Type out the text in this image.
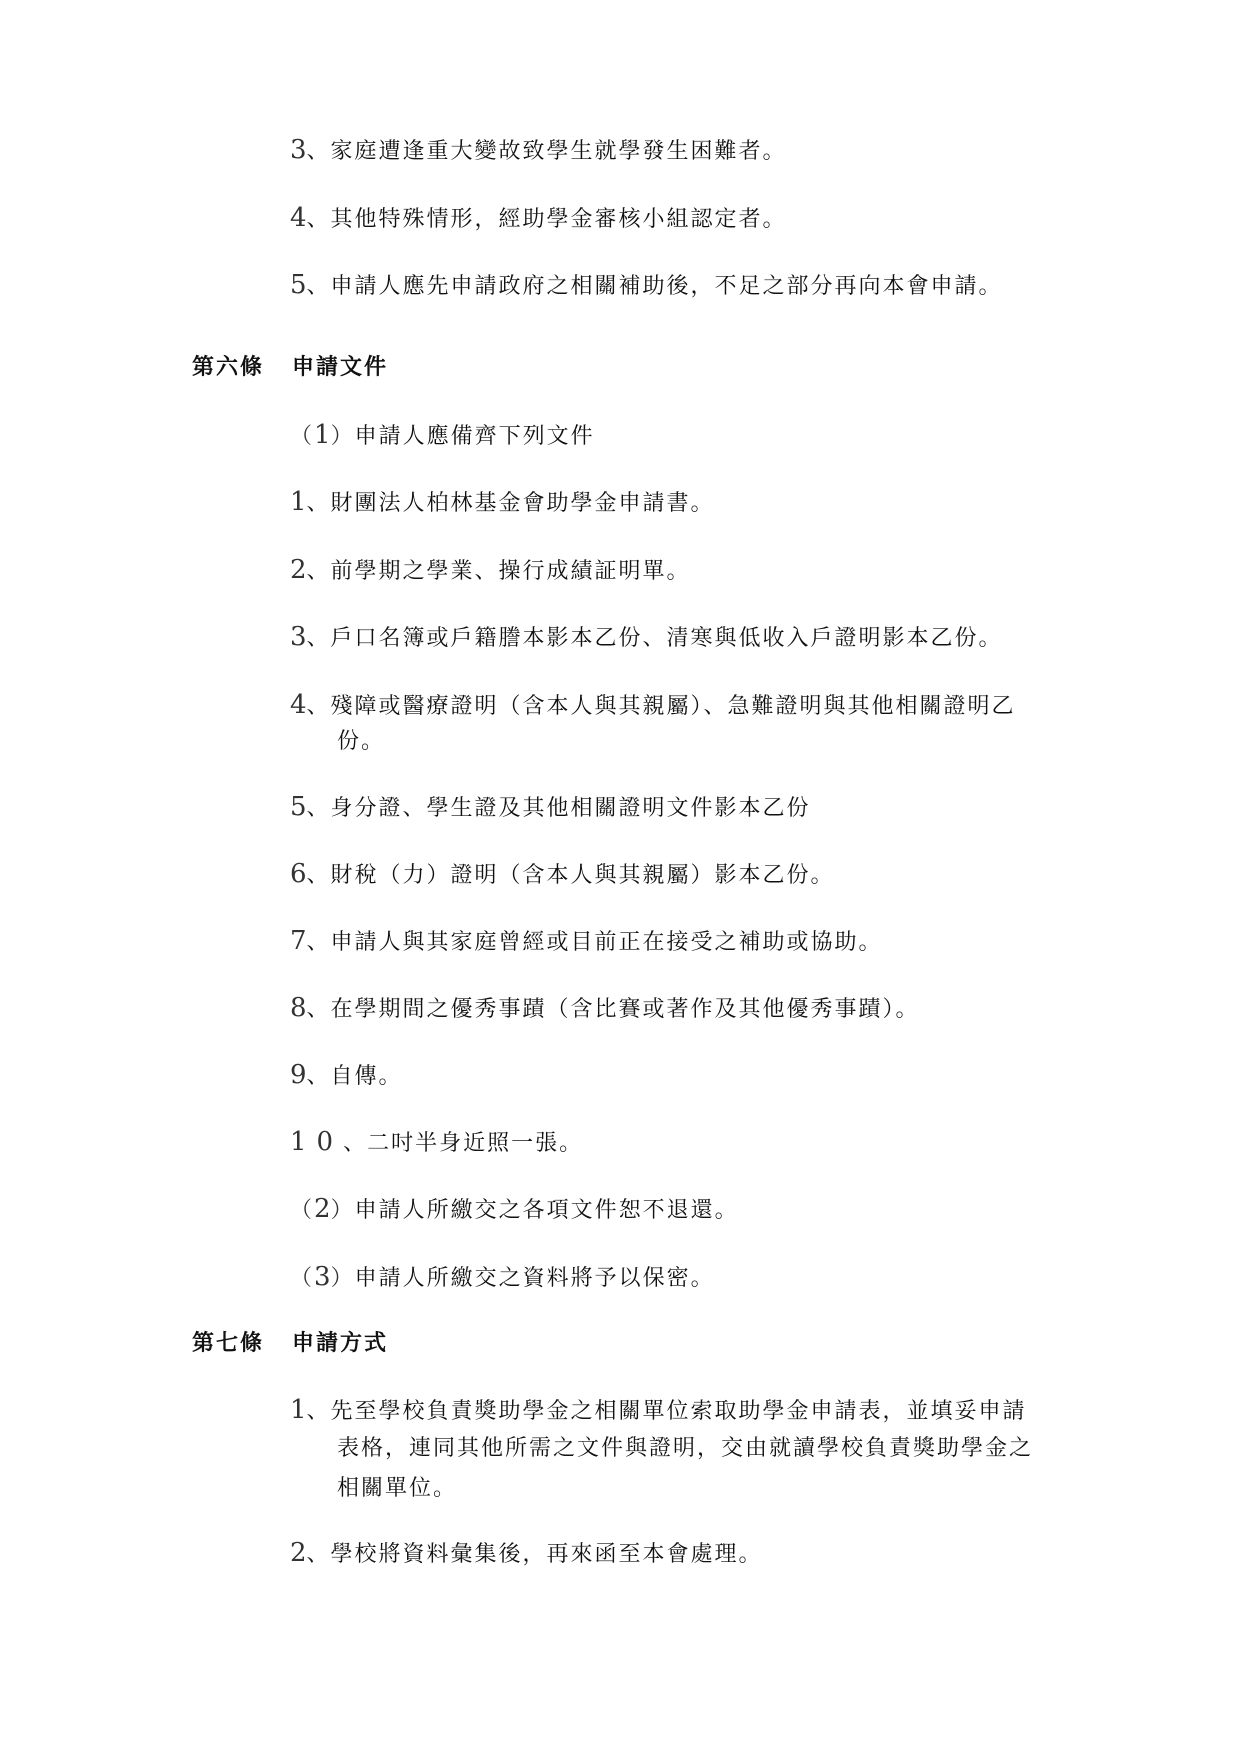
3、家庭遭逢重大變故致學生就學發生困難者。
4、其他特殊情形，經助學金審核小組認定者。
5、申請人應先申請政府之相關補助後，不足之部分再向本會申請。
第六條 申請文件
（1）申請人應備齊下列文件
1、財團法人柏林基金會助學金申請書。
2、前學期之學業、操行成績証明單。
3、戶口名簿或戶籍謄本影本乙份、清寒與低收入戶證明影本乙份。
4、殘障或醫療證明（含本人與其親屬）、急難證明與其他相關證明乙
份。
5、身分證、學生證及其他相關證明文件影本乙份
6、財稅（力）證明（含本人與其親屬）影本乙份。
7、申請人與其家庭曾經或目前正在接受之補助或協助。
8、在學期間之優秀事蹟（含比賽或著作及其他優秀事蹟）。
9、自傳。
10、二吋半身近照一張。
（2）申請人所繳交之各項文件恕不退還。
（3）申請人所繳交之資料將予以保密。
第七條 申請方式
1、先至學校負責獎助學金之相關單位索取助學金申請表，並填妥申請
表格，連同其他所需之文件與證明，交由就讀學校負責獎助學金之
相關單位。
2、學校將資料彙集後，再來函至本會處理。
